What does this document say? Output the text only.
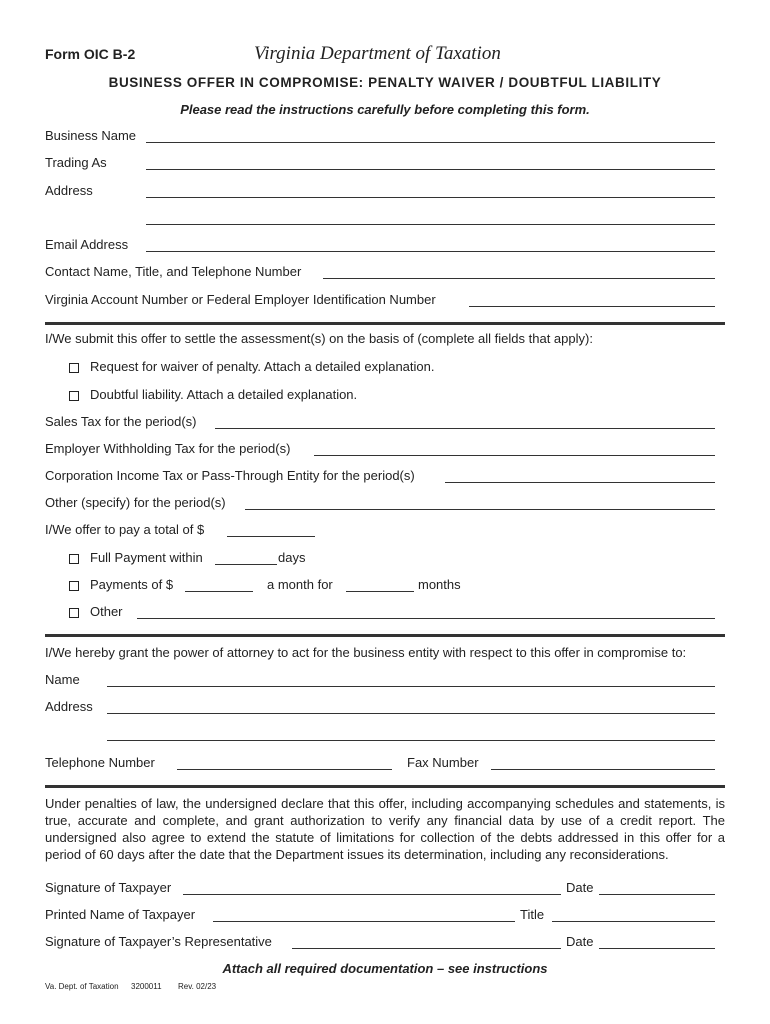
Form OIC B-2	Virginia Department of Taxation
BUSINESS OFFER IN COMPROMISE: PENALTY WAIVER / DOUBTFUL LIABILITY
Please read the instructions carefully before completing this form.
Business Name
Trading As
Address
Email Address
Contact Name, Title, and Telephone Number
Virginia Account Number or Federal Employer Identification Number
I/We submit this offer to settle the assessment(s) on the basis of (complete all fields that apply):
Request for waiver of penalty. Attach a detailed explanation.
Doubtful liability. Attach a detailed explanation.
Sales Tax for the period(s)
Employer Withholding Tax for the period(s)
Corporation Income Tax or Pass-Through Entity for the period(s)
Other (specify) for the period(s)
I/We offer to pay a total of $
Full Payment within	days
Payments of $	a month for	months
Other
I/We hereby grant the power of attorney to act for the business entity with respect to this offer in compromise to:
Name
Address
Telephone Number	Fax Number
Under penalties of law, the undersigned declare that this offer, including accompanying schedules and statements, is true, accurate and complete, and grant authorization to verify any financial data by use of a credit report. The undersigned also agree to extend the statute of limitations for collection of the debts addressed in this offer for a period of 60 days after the date that the Department issues its determination, including any reconsiderations.
Signature of Taxpayer	Date
Printed Name of Taxpayer	Title
Signature of Taxpayer’s Representative	Date
Attach all required documentation – see instructions
Va. Dept. of Taxation 3200011 Rev. 02/23
